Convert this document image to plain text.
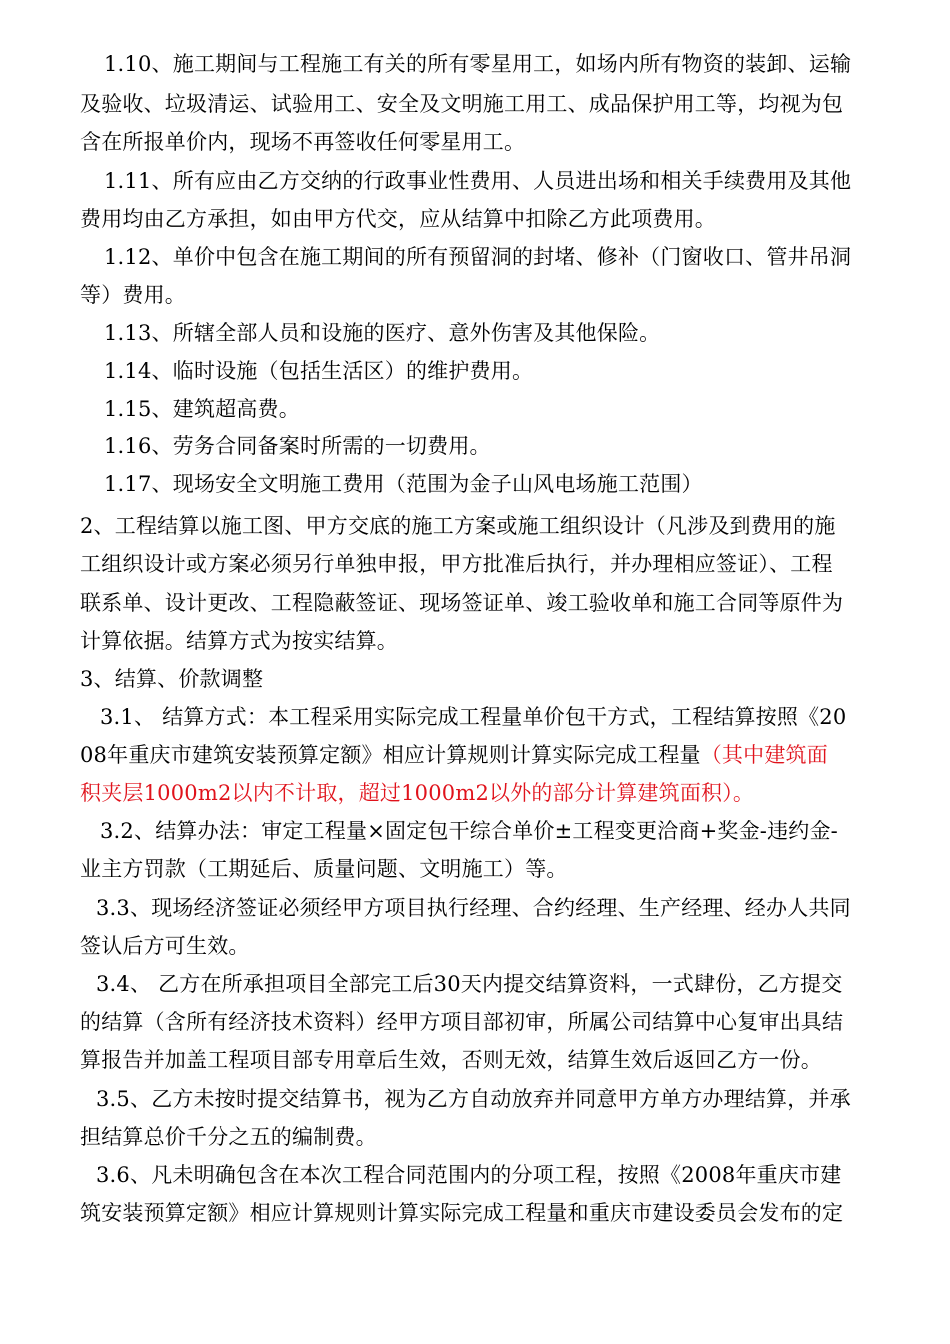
1.10、施工期间与工程施工有关的所有零星用工，如场内所有物资的装卸、运输
及验收、垃圾清运、试验用工、安全及文明施工用工、成品保护用工等，均视为包
含在所报单价内，现场不再签收任何零星用工。
1.11、所有应由乙方交纳的行政事业性费用、人员进出场和相关手续费用及其他
费用均由乙方承担，如由甲方代交，应从结算中扣除乙方此项费用。
1.12、单价中包含在施工期间的所有预留洞的封堵、修补（门窗收口、管井吊洞
等）费用。
1.13、所辖全部人员和设施的医疗、意外伤害及其他保险。
1.14、临时设施（包括生活区）的维护费用。
1.15、建筑超高费。
1.16、劳务合同备案时所需的一切费用。
1.17、现场安全文明施工费用（范围为金子山风电场施工范围）
2、工程结算以施工图、甲方交底的施工方案或施工组织设计（凡涉及到费用的施
工组织设计或方案必须另行单独申报，甲方批准后执行，并办理相应签证）、工程
联系单、设计更改、工程隐蔽签证、现场签证单、竣工验收单和施工合同等原件为
计算依据。结算方式为按实结算。
3、结算、价款调整
3.1、 结算方式：本工程采用实际完成工程量单价包干方式，工程结算按照《20
08年重庆市建筑安装预算定额》相应计算规则计算实际完成工程量（其中建筑面
积夹层1000m2以内不计取，超过1000m2以外的部分计算建筑面积）。
3.2、结算办法：审定工程量×固定包干综合单价±工程变更洽商+奖金-违约金-
业主方罚款（工期延后、质量问题、文明施工）等。
3.3、现场经济签证必须经甲方项目执行经理、合约经理、生产经理、经办人共同
签认后方可生效。
3.4、 乙方在所承担项目全部完工后30天内提交结算资料，一式肆份，乙方提交
的结算（含所有经济技术资料）经甲方项目部初审，所属公司结算中心复审出具结
算报告并加盖工程项目部专用章后生效，否则无效，结算生效后返回乙方一份。
3.5、乙方未按时提交结算书，视为乙方自动放弃并同意甲方单方办理结算，并承
担结算总价千分之五的编制费。
3.6、凡未明确包含在本次工程合同范围内的分项工程，按照《2008年重庆市建
筑安装预算定额》相应计算规则计算实际完成工程量和重庆市建设委员会发布的定
